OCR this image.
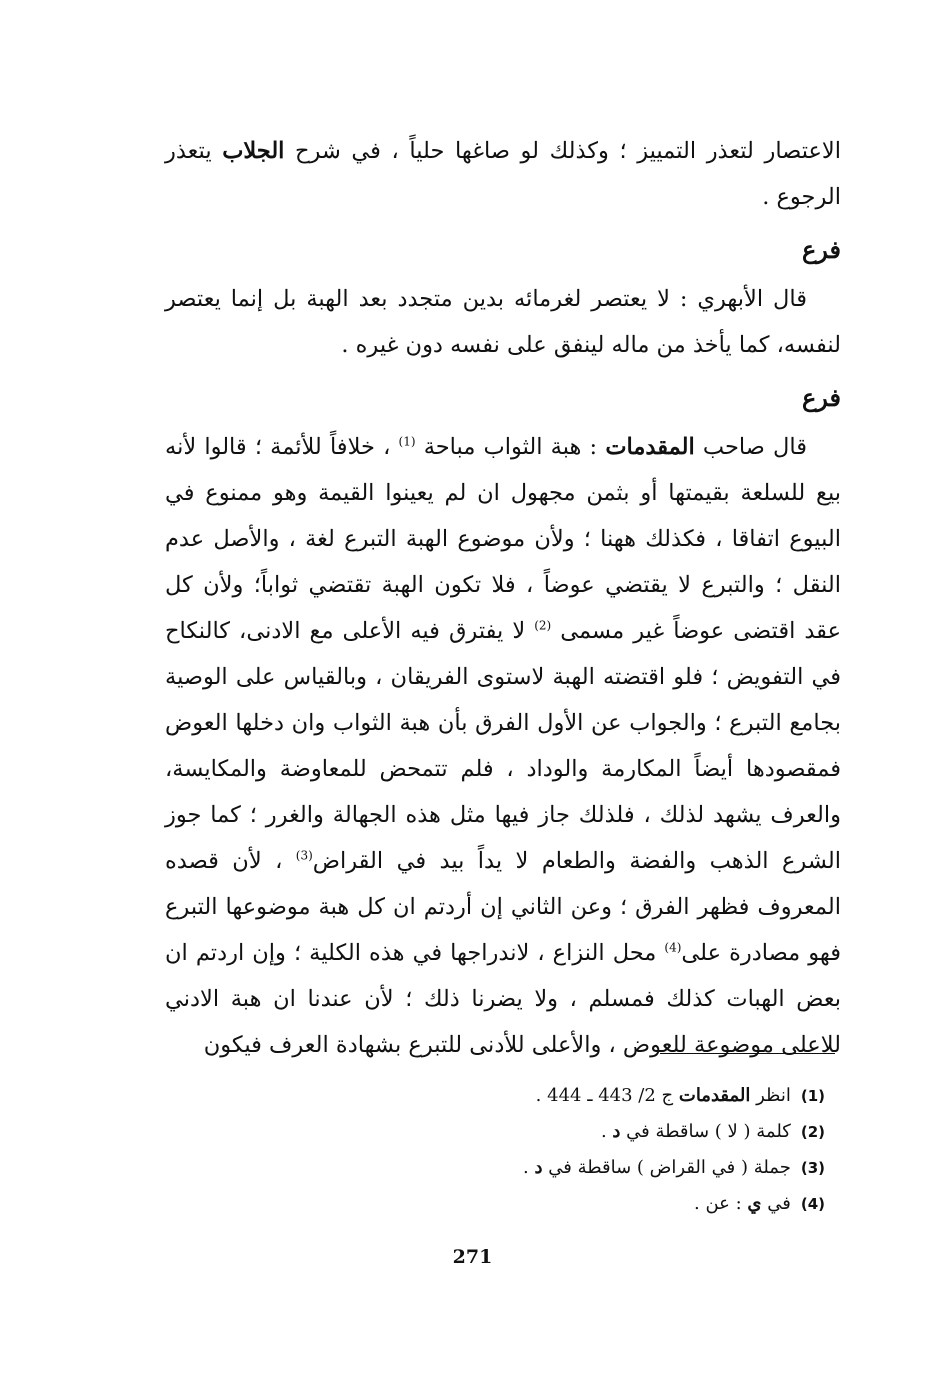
الاعتصار لتعذر التمييز ؛ وكذلك لو صاغها حلياً ، في شرح الجلاب يتعذر الرجوع .

فرع

قال الأبهري : لا يعتصر لغرمائه بدين متجدد بعد الهبة بل إنما يعتصر لنفسه، كما يأخذ من ماله لينفق على نفسه دون غيره .

فرع

قال صاحب المقدمات : هبة الثواب مباحة $^{(1)}$ ، خلافاً للأئمة ؛ قالوا لأنه بيع للسلعة بقيمتها أو بثمن مجهول ان لم يعينوا القيمة وهو ممنوع في البيوع اتفاقا ، فكذلك ههنا ؛ ولأن موضوع الهبة التبرع لغة ، والأصل عدم النقل ؛ والتبرع لا يقتضي عوضاً ، فلا تكون الهبة تقتضي ثواباً؛ ولأن كل عقد اقتضى عوضاً غير مسمى $^{(2)}$ لا يفترق فيه الأعلى مع الادنى، كالنكاح في التفويض ؛ فلو اقتضته الهبة لاستوى الفريقان ، وبالقياس على الوصية بجامع التبرع ؛ والجواب عن الأول الفرق بأن هبة الثواب وان دخلها العوض فمقصودها أيضاً المكارمة والوداد ، فلم تتمحض للمعاوضة والمكايسة، والعرف يشهد لذلك ، فلذلك جاز فيها مثل هذه الجهالة والغرر ؛ كما جوز الشرع الذهب والفضة والطعام لا يداً بيد في القراض$^{(3)}$ ، لأن قصده المعروف فظهر الفرق ؛ وعن الثاني إن أردتم ان كل هبة موضوعها التبرع فهو مصادرة على$^{(4)}$ محل النزاع ، لاندراجها في هذه الكلية ؛ وإن اردتم ان بعض الهبات كذلك فمسلم ، ولا يضرنا ذلك ؛ لأن عندنا ان هبة الادني للاعلى موضوعة للعوض ، والأعلى للأدنى للتبرع بشهادة العرف فيكون

(1)
انظر المقدمات ج 2/ 443 ـ 444 .
(2)
كلمة ( لا ) ساقطة في د .
(3)
جملة ( في القراض ) ساقطة في د .
(4)
في ي : عن .
271
